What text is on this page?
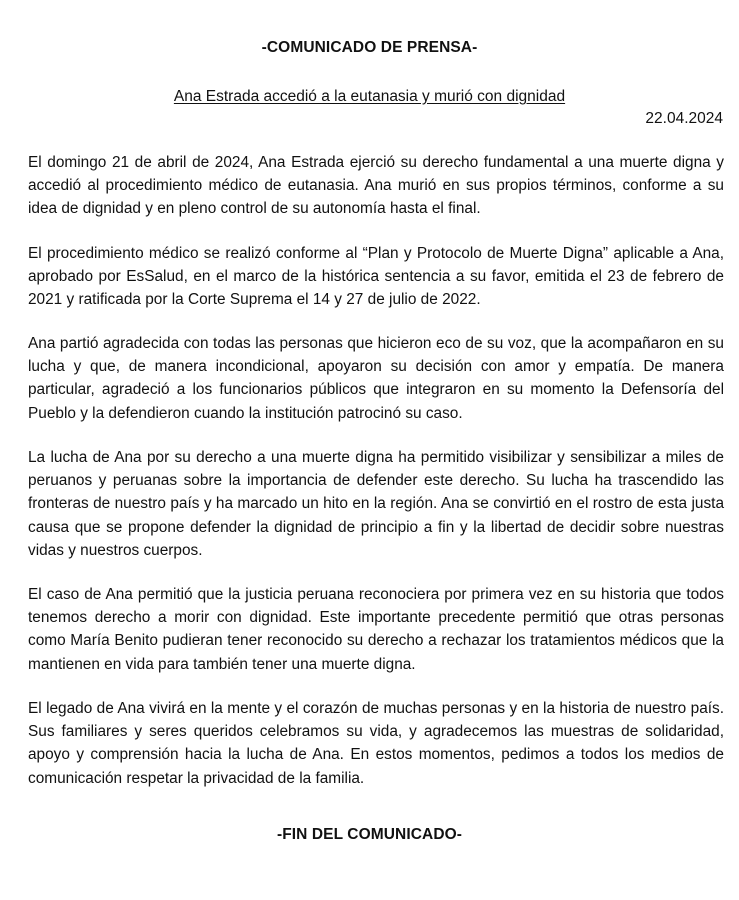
-COMUNICADO DE PRENSA-
Ana Estrada accedió a la eutanasia y murió con dignidad
22.04.2024

El domingo 21 de abril de 2024, Ana Estrada ejerció su derecho fundamental a una muerte digna y accedió al procedimiento médico de eutanasia. Ana murió en sus propios términos, conforme a su idea de dignidad y en pleno control de su autonomía hasta el final.

El procedimiento médico se realizó conforme al “Plan y Protocolo de Muerte Digna” aplicable a Ana, aprobado por EsSalud, en el marco de la histórica sentencia a su favor, emitida el 23 de febrero de 2021 y ratificada por la Corte Suprema el 14 y 27 de julio de 2022.

Ana partió agradecida con todas las personas que hicieron eco de su voz, que la acompañaron en su lucha y que, de manera incondicional, apoyaron su decisión con amor y empatía. De manera particular, agradeció a los funcionarios públicos que integraron en su momento la Defensoría del Pueblo y la defendieron cuando la institución patrocinó su caso.

La lucha de Ana por su derecho a una muerte digna ha permitido visibilizar y sensibilizar a miles de peruanos y peruanas sobre la importancia de defender este derecho. Su lucha ha trascendido las fronteras de nuestro país y ha marcado un hito en la región. Ana se convirtió en el rostro de esta justa causa que se propone defender la dignidad de principio a fin y la libertad de decidir sobre nuestras vidas y nuestros cuerpos.

El caso de Ana permitió que la justicia peruana reconociera por primera vez en su historia que todos tenemos derecho a morir con dignidad. Este importante precedente permitió que otras personas como María Benito pudieran tener reconocido su derecho a rechazar los tratamientos médicos que la mantienen en vida para también tener una muerte digna.

El legado de Ana vivirá en la mente y el corazón de muchas personas y en la historia de nuestro país. Sus familiares y seres queridos celebramos su vida, y agradecemos las muestras de solidaridad, apoyo y comprensión hacia la lucha de Ana. En estos momentos, pedimos a todos los medios de comunicación respetar la privacidad de la familia.

-FIN DEL COMUNICADO-
